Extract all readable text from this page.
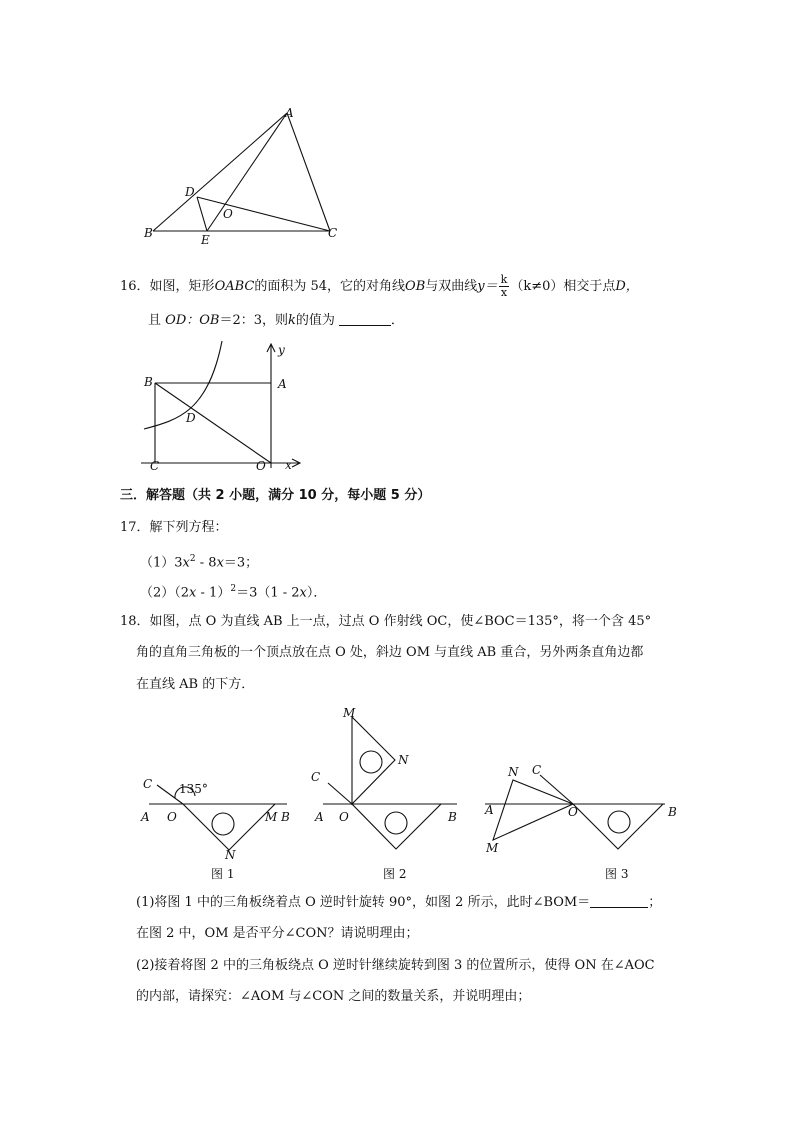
A
B	C
D
E
O
16．如图，矩形OABC的面积为 54，它的对角线OB与双曲线$y= \frac{k}{x} (k\ne 0)$相交于点D，
且 OD：OB＝2：3，则k的值为	．
y
x
A
B
C
D
O
三．解答题（共 2 小题，满分 10 分，每小题 5 分）
17．解下列方程：
$(1)3x^2 - 8x=3$；
（2）（2x - 1）$^2$＝3（1 - 2x）．
18．如图，点 O 为直线 AB 上一点，过点 O 作射线 OC，使∠BOC＝135°，将一个含 45°
角的直角三角板的一个顶点放在点 O 处，斜边 OM 与直线 AB 重合，另外两条直角边都
在直线 AB 的下方．
C
A O	M B
N
135°
图 1
M
N
C
A O	B
图 2
N C
A
M
O	B
图 3
(1)将图 1 中的三角板绕着点 O 逆时针旋转 90°，如图 2 所示，此时∠BOM＝	；
在图 2 中，OM 是否平分∠CON？请说明理由；
(2)接着将图 2 中的三角板绕点 O 逆时针继续旋转到图 3 的位置所示，使得 ON 在∠AOC
的内部，请探究：∠AOM 与∠CON 之间的数量关系，并说明理由；
